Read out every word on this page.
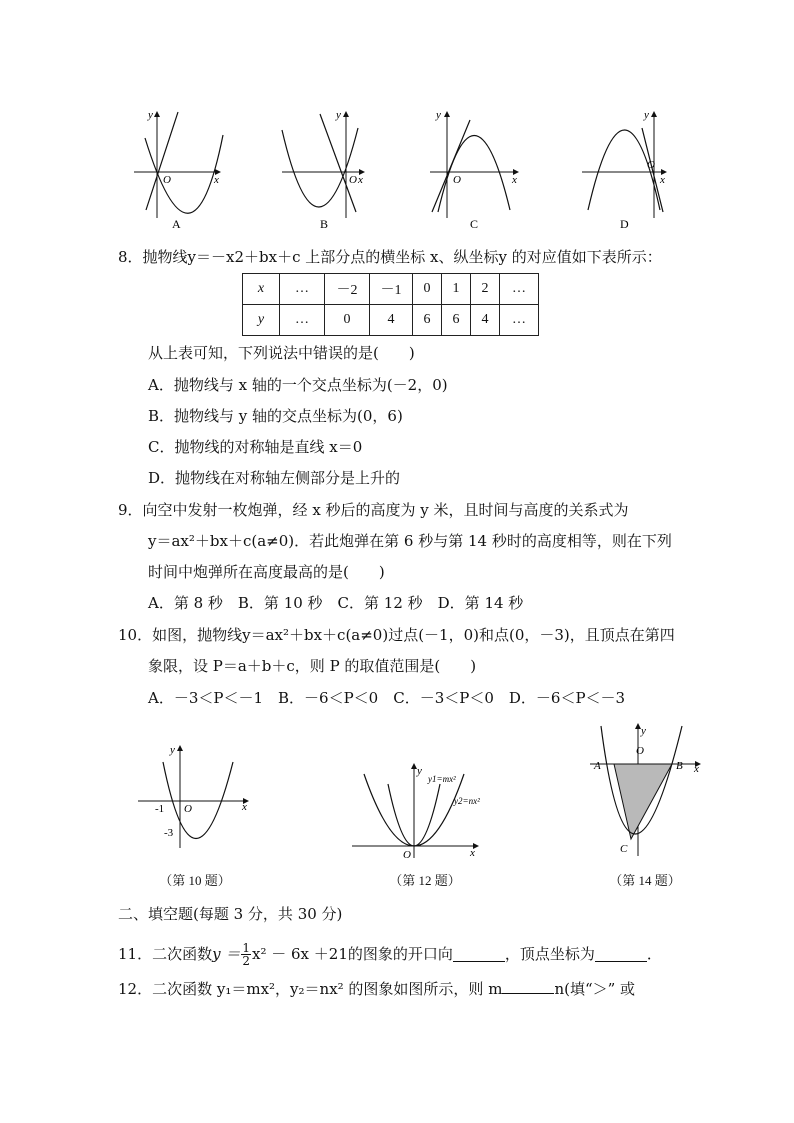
x
y
O
A
x
y
O
B
x
y
O
C
x
y
O
D
8．抛物线y＝－x2＋bx＋c 上部分点的横坐标 x、纵坐标y 的对应值如下表所示：
x	…	－2	－1	0	1	2	…
y	…	0	4	6	6	4	…
从上表可知，下列说法中错误的是(　　)
A．抛物线与 x 轴的一个交点坐标为(－2，0)
B．抛物线与 y 轴的交点坐标为(0，6)
C．抛物线的对称轴是直线 x＝0
D．抛物线在对称轴左侧部分是上升的
9．向空中发射一枚炮弹，经 x 秒后的高度为 y 米，且时间与高度的关系式为
y＝ax²＋bx＋c(a≠0)．若此炮弹在第 6 秒与第 14 秒时的高度相等，则在下列
时间中炮弹所在高度最高的是(　　)
A．第 8 秒　B．第 10 秒　C．第 12 秒　D．第 14 秒
10．如图，抛物线y＝ax²＋bx＋c(a≠0)过点(－1，0)和点(0，－3)，且顶点在第四
象限，设 P＝a＋b＋c，则 P 的取值范围是(　　)
A．－3＜P＜－1　B．－6＜P＜0　C．－3＜P＜0　D．－6＜P＜－3
x
y
O
-1
-3
（第 10 题）
x
y
O
y1=mx²
y2=nx²
（第 12 题）
x
y
O
A	B
C
（第 14 题）
二、填空题(每题 3 分，共 30 分)
11． 二次函数 $y = \frac{1}{2} x^2 - 6x +21$ 的图象的开口向	，顶点坐标为	．
12．二次函数 y₁＝mx²，y₂＝nx² 的图象如图所示，则 m	n(填“＞” 或
